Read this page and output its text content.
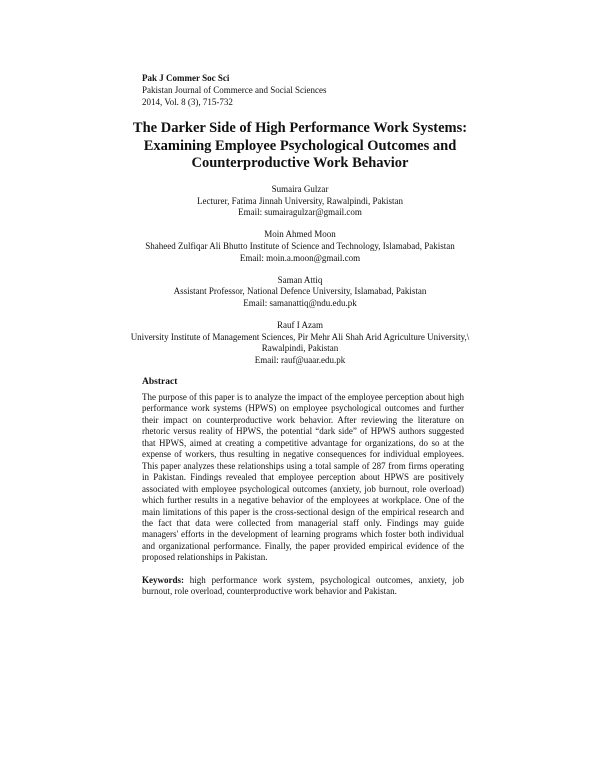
Pak J Commer Soc Sci
Pakistan Journal of Commerce and Social Sciences
2014, Vol. 8 (3), 715-732
The Darker Side of High Performance Work Systems: Examining Employee Psychological Outcomes and Counterproductive Work Behavior
Sumaira Gulzar
Lecturer, Fatima Jinnah University, Rawalpindi, Pakistan
Email: sumairagulzar@gmail.com
Moin Ahmed Moon
Shaheed Zulfiqar Ali Bhutto Institute of Science and Technology, Islamabad, Pakistan
Email: moin.a.moon@gmail.com
Saman Attiq
Assistant Professor, National Defence University, Islamabad, Pakistan
Email: samanattiq@ndu.edu.pk
Rauf I Azam
University Institute of Management Sciences, Pir Mehr Ali Shah Arid Agriculture University,\
Rawalpindi, Pakistan
Email: rauf@uaar.edu.pk
Abstract

The purpose of this paper is to analyze the impact of the employee perception about high performance work systems (HPWS) on employee psychological outcomes and further their impact on counterproductive work behavior. After reviewing the literature on rhetoric versus reality of HPWS, the potential “dark side” of HPWS authors suggested that HPWS, aimed at creating a competitive advantage for organizations, do so at the expense of workers, thus resulting in negative consequences for individual employees. This paper analyzes these relationships using a total sample of 287 from firms operating in Pakistan. Findings revealed that employee perception about HPWS are positively associated with employee psychological outcomes (anxiety, job burnout, role overload) which further results in a negative behavior of the employees at workplace. One of the main limitations of this paper is the cross-sectional design of the empirical research and the fact that data were collected from managerial staff only. Findings may guide managers' efforts in the development of learning programs which foster both individual and organizational performance. Finally, the paper provided empirical evidence of the proposed relationships in Pakistan.

Keywords: high performance work system, psychological outcomes, anxiety, job burnout, role overload, counterproductive work behavior and Pakistan.
